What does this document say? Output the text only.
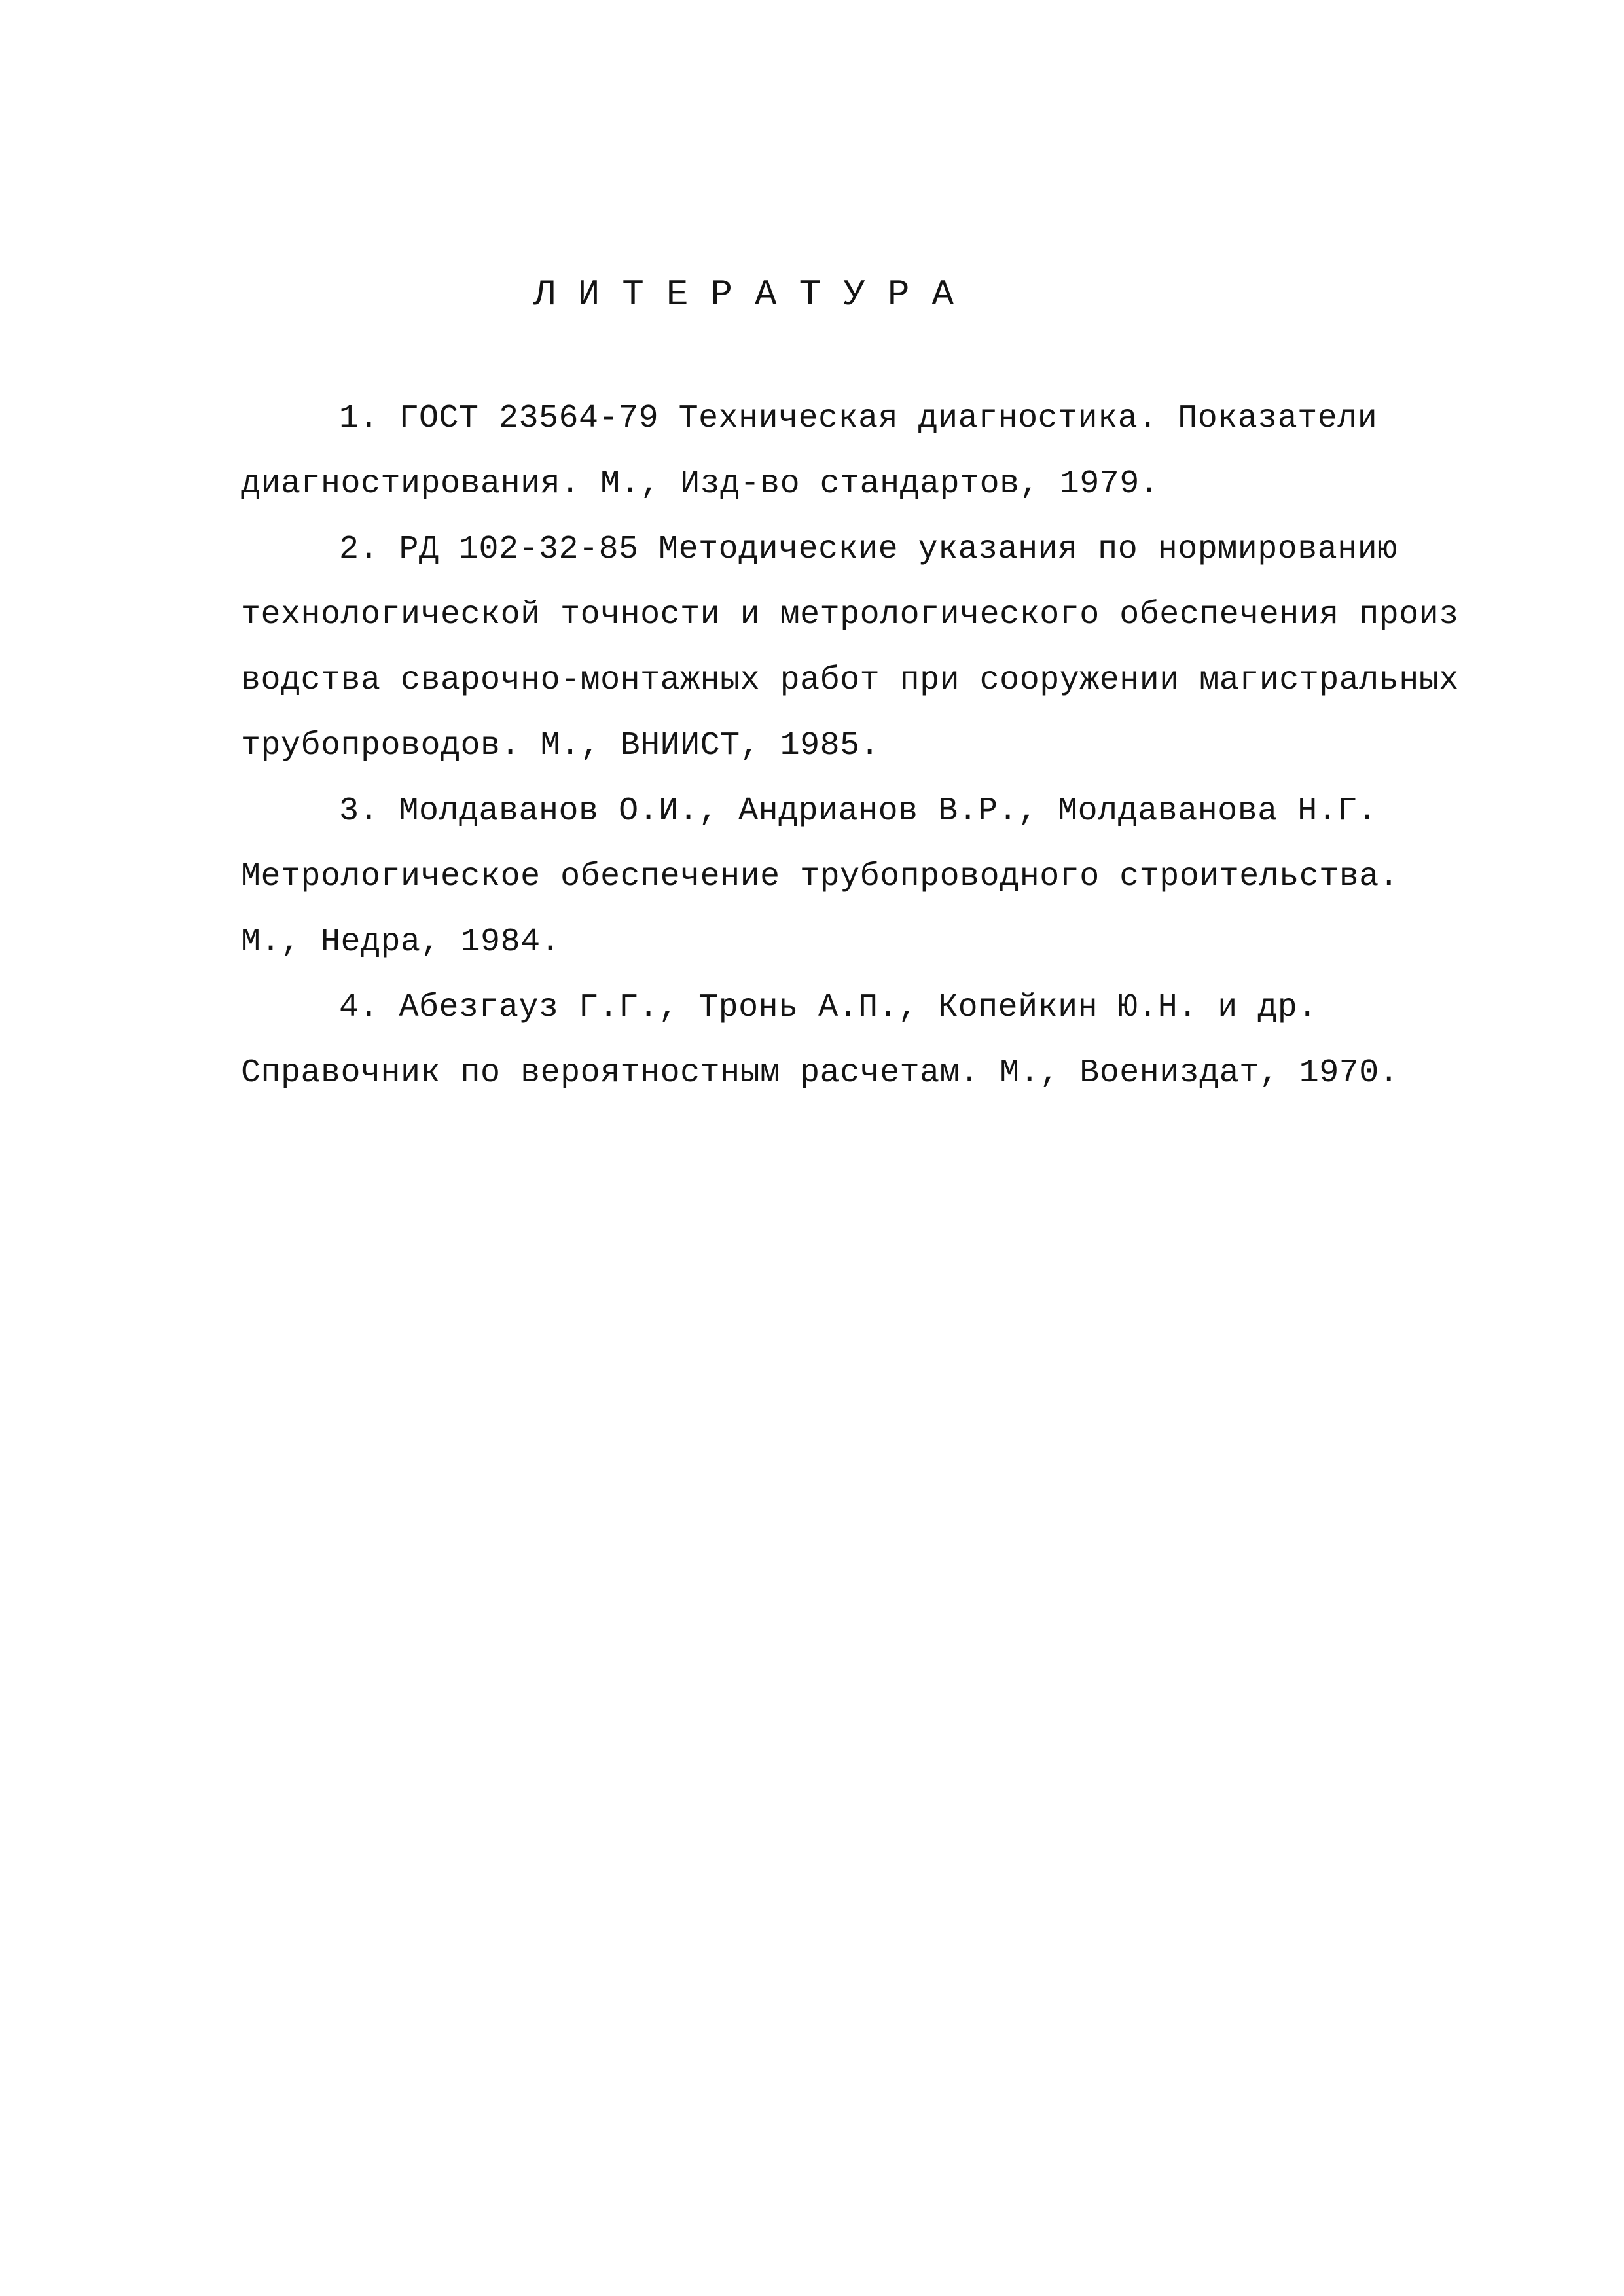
ЛИТЕРАТУРА
1. ГОСТ 23564-79 Техническая диагностика. Показатели
диагностирования. М., Изд-во стандартов, 1979.
2. РД 102-32-85 Методические указания по нормированию
технологической точности и метрологического обеспечения произ
водства сварочно-монтажных работ при сооружении магистральных
трубопроводов. М., ВНИИСТ, 1985.
3. Молдаванов О.И., Андрианов В.Р., Молдаванова Н.Г.
Метрологическое обеспечение трубопроводного строительства.
М., Недра, 1984.
4. Абезгауз Г.Г., Тронь А.П., Копейкин Ю.Н. и др.
Справочник по вероятностным расчетам. М., Воениздат, 1970.
